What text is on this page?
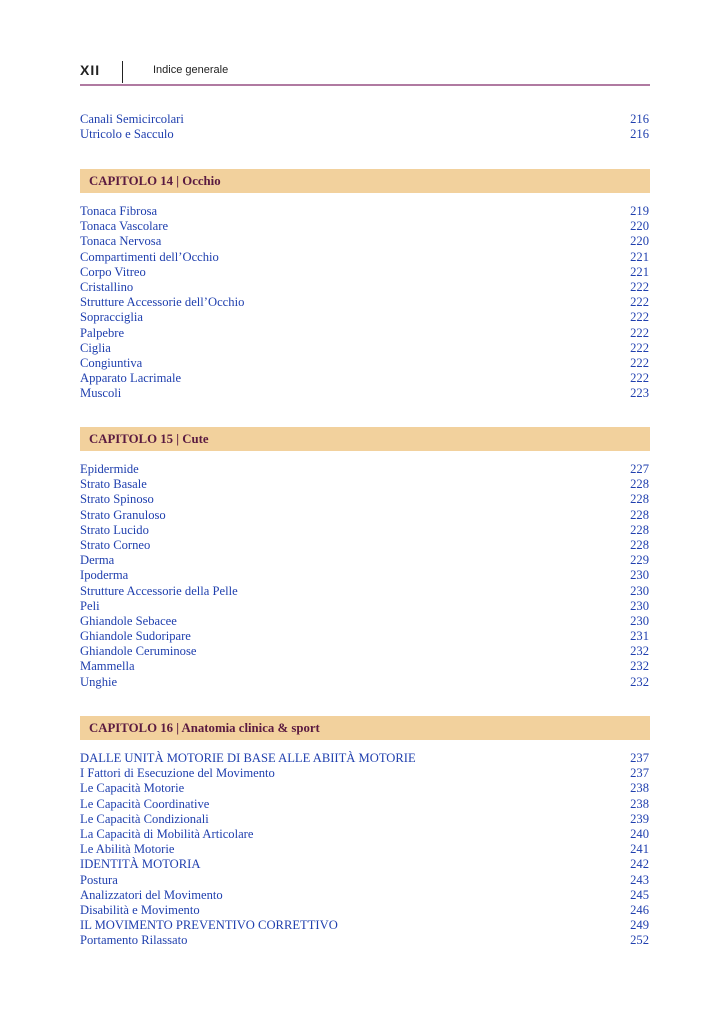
XII	Indice generale
Canali Semicircolari	216
Utricolo e Sacculo	216
CAPITOLO 14 | Occhio
Tonaca Fibrosa	219
Tonaca Vascolare	220
Tonaca Nervosa	220
Compartimenti dell’Occhio	221
Corpo Vitreo	221
Cristallino	222
Strutture Accessorie dell’Occhio	222
Sopracciglia	222
Palpebre	222
Ciglia	222
Congiuntiva	222
Apparato Lacrimale	222
Muscoli	223
CAPITOLO 15 | Cute
Epidermide	227
Strato Basale	228
Strato Spinoso	228
Strato Granuloso	228
Strato Lucido	228
Strato Corneo	228
Derma	229
Ipoderma	230
Strutture Accessorie della Pelle	230
Peli	230
Ghiandole Sebacee	230
Ghiandole Sudoripare	231
Ghiandole Ceruminose	232
Mammella	232
Unghie	232
CAPITOLO 16 | Anatomia clinica & sport
DALLE UNITÀ MOTORIE DI BASE ALLE ABIITÀ MOTORIE	237
I Fattori di Esecuzione del Movimento	237
Le Capacità Motorie	238
Le Capacità Coordinative	238
Le Capacità Condizionali	239
La Capacità di Mobilità Articolare	240
Le Abilità Motorie	241
IDENTITÀ MOTORIA	242
Postura	243
Analizzatori del Movimento	245
Disabilità e Movimento	246
IL MOVIMENTO PREVENTIVO CORRETTIVO	249
Portamento Rilassato	252
